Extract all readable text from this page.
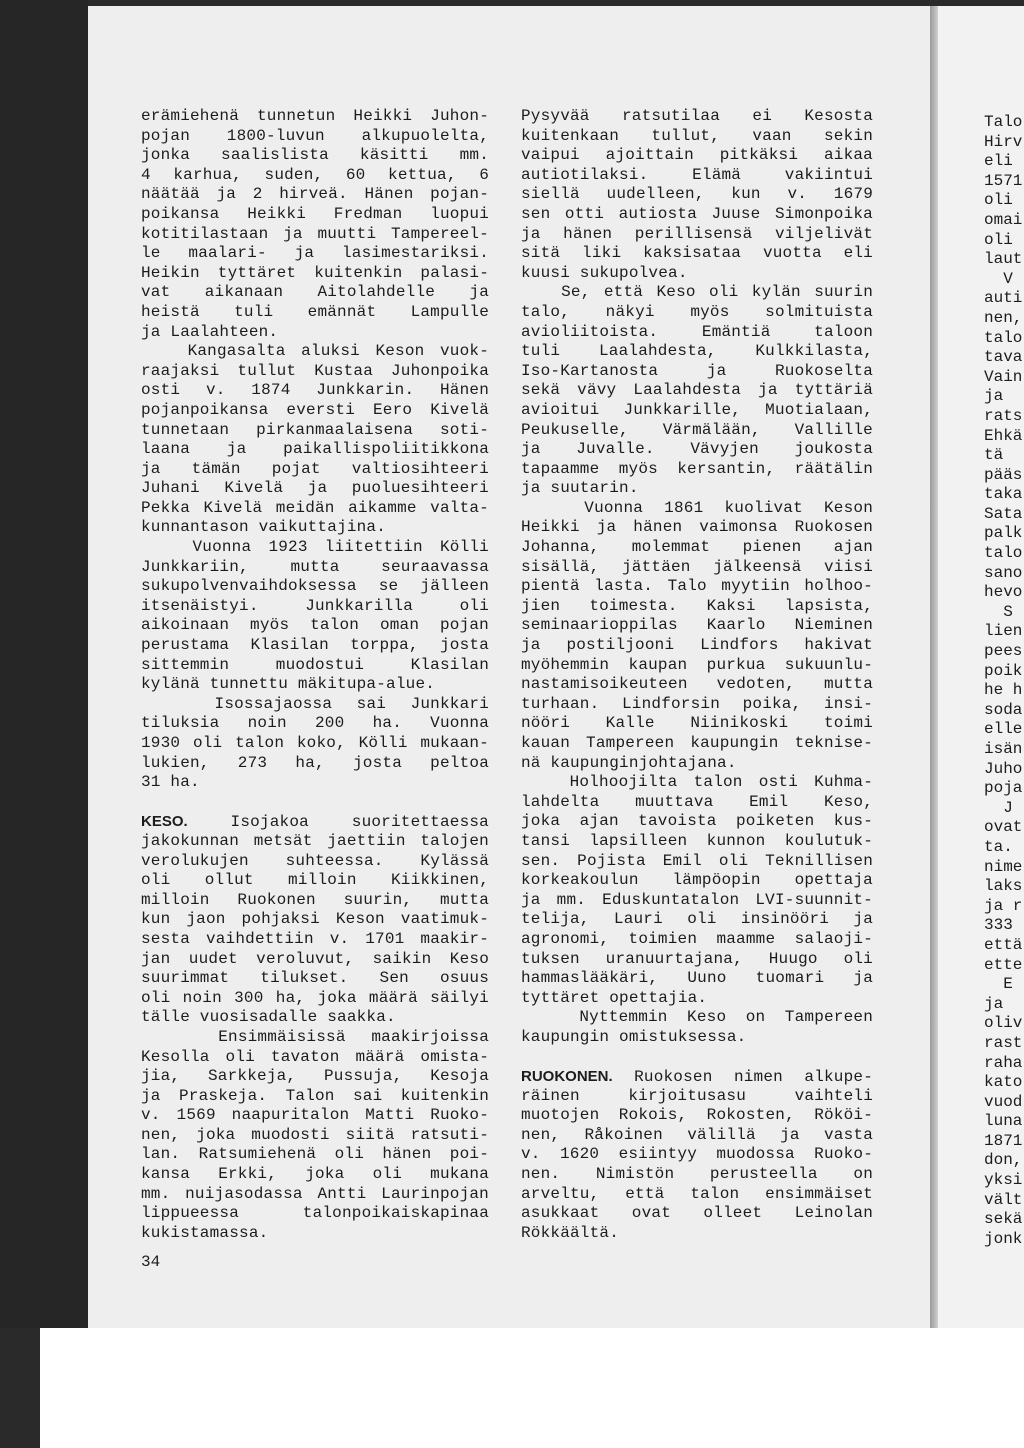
erämiehenä tunnetun Heikki Juhon-
pojan 1800-luvun alkupuolelta,
jonka saalislista käsitti mm.
4 karhua, suden, 60 kettua, 6
näätää ja 2 hirveä. Hänen pojan-
poikansa Heikki Fredman luopui
kotitilastaan ja muutti Tampereel-
le maalari- ja lasimestariksi.
Heikin tyttäret kuitenkin palasi-
vat aikanaan Aitolahdelle ja
heistä tuli emännät Lampulle
ja Laalahteen.
Kangasalta aluksi Keson vuok-
raajaksi tullut Kustaa Juhonpoika
osti v. 1874 Junkkarin. Hänen
pojanpoikansa eversti Eero Kivelä
tunnetaan pirkanmaalaisena soti-
laana ja paikallispoliitikkona
ja tämän pojat valtiosihteeri
Juhani Kivelä ja puoluesihteeri
Pekka Kivelä meidän aikamme valta-
kunnantason vaikuttajina.
Vuonna 1923 liitettiin Kölli
Junkkariin, mutta seuraavassa
sukupolvenvaihdoksessa se jälleen
itsenäistyi. Junkkarilla oli
aikoinaan myös talon oman pojan
perustama Klasilan torppa, josta
sittemmin muodostui Klasilan
kylänä tunnettu mäkitupa-alue.
Isossajaossa sai Junkkari
tiluksia noin 200 ha. Vuonna
1930 oli talon koko, Kölli mukaan-
lukien, 273 ha, josta peltoa
31 ha.

KESO. Isojakoa suoritettaessa
jakokunnan metsät jaettiin talojen
verolukujen suhteessa. Kylässä
oli ollut milloin Kiikkinen,
milloin Ruokonen suurin, mutta
kun jaon pohjaksi Keson vaatimuk-
sesta vaihdettiin v. 1701 maakir-
jan uudet veroluvut, saikin Keso
suurimmat tilukset. Sen osuus
oli noin 300 ha, joka määrä säilyi
tälle vuosisadalle saakka.
Ensimmäisissä maakirjoissa
Kesolla oli tavaton määrä omista-
jia, Sarkkeja, Pussuja, Kesoja
ja Praskeja. Talon sai kuitenkin
v. 1569 naapuritalon Matti Ruoko-
nen, joka muodosti siitä ratsuti-
lan. Ratsumiehenä oli hänen poi-
kansa Erkki, joka oli mukana
mm. nuijasodassa Antti Laurinpojan
lippueessa talonpoikaiskapinaa
kukistamassa.
Pysyvää ratsutilaa ei Kesosta
kuitenkaan tullut, vaan sekin
vaipui ajoittain pitkäksi aikaa
autiotilaksi. Elämä vakiintui
siellä uudelleen, kun v. 1679
sen otti autiosta Juuse Simonpoika
ja hänen perillisensä viljelivät
sitä liki kaksisataa vuotta eli
kuusi sukupolvea.
Se, että Keso oli kylän suurin
talo, näkyi myös solmituista
avioliitoista. Emäntiä taloon
tuli Laalahdesta, Kulkkilasta,
Iso-Kartanosta ja Ruokoselta
sekä vävy Laalahdesta ja tyttäriä
avioitui Junkkarille, Muotialaan,
Peukuselle, Värmälään, Vallille
ja Juvalle. Vävyjen joukosta
tapaamme myös kersantin, räätälin
ja suutarin.
Vuonna 1861 kuolivat Keson
Heikki ja hänen vaimonsa Ruokosen
Johanna, molemmat pienen ajan
sisällä, jättäen jälkeensä viisi
pientä lasta. Talo myytiin holhoo-
jien toimesta. Kaksi lapsista,
seminaarioppilas Kaarlo Nieminen
ja postiljooni Lindfors hakivat
myöhemmin kaupan purkua sukuunlu-
nastamisoikeuteen vedoten, mutta
turhaan. Lindforsin poika, insi-
nööri Kalle Niinikoski toimi
kauan Tampereen kaupungin teknise-
nä kaupunginjohtajana.
Holhoojilta talon osti Kuhma-
lahdelta muuttava Emil Keso,
joka ajan tavoista poiketen kus-
tansi lapsilleen kunnon koulutuk-
sen. Pojista Emil oli Teknillisen
korkeakoulun lämpöopin opettaja
ja mm. Eduskuntatalon LVI-suunnit-
telija, Lauri oli insinööri ja
agronomi, toimien maamme salaoji-
tuksen uranuurtajana, Huugo oli
hammaslääkäri, Uuno tuomari ja
tyttäret opettajia.
Nyttemmin Keso on Tampereen
kaupungin omistuksessa.

RUOKONEN. Ruokosen nimen alkupe-
räinen kirjoitusasu vaihteli
muotojen Rokois, Rokosten, Rököi-
nen, Råkoinen välillä ja vasta
v. 1620 esiintyy muodossa Ruoko-
nen. Nimistön perusteella on
arveltu, että talon ensimmäiset
asukkaat ovat olleet Leinolan
Rökkäältä.
34
Talo
Hirv
eli
1571
oli
omai
oli
laut
V
auti
nen,
talo
tava
Vain
ja
rats
Ehkä
tä
pääs
taka
Sata
palk
talo
sano
hevo
S
lien
pees
poik
he h
soda
elle
isän
Juho
poja
J
ovat
ta.
nime
laks
ja r
333
että
ette
E
ja
oliv
rast
raha
kato
vuod
luna
1871
don,
yksi
vält
sekä
jonk
